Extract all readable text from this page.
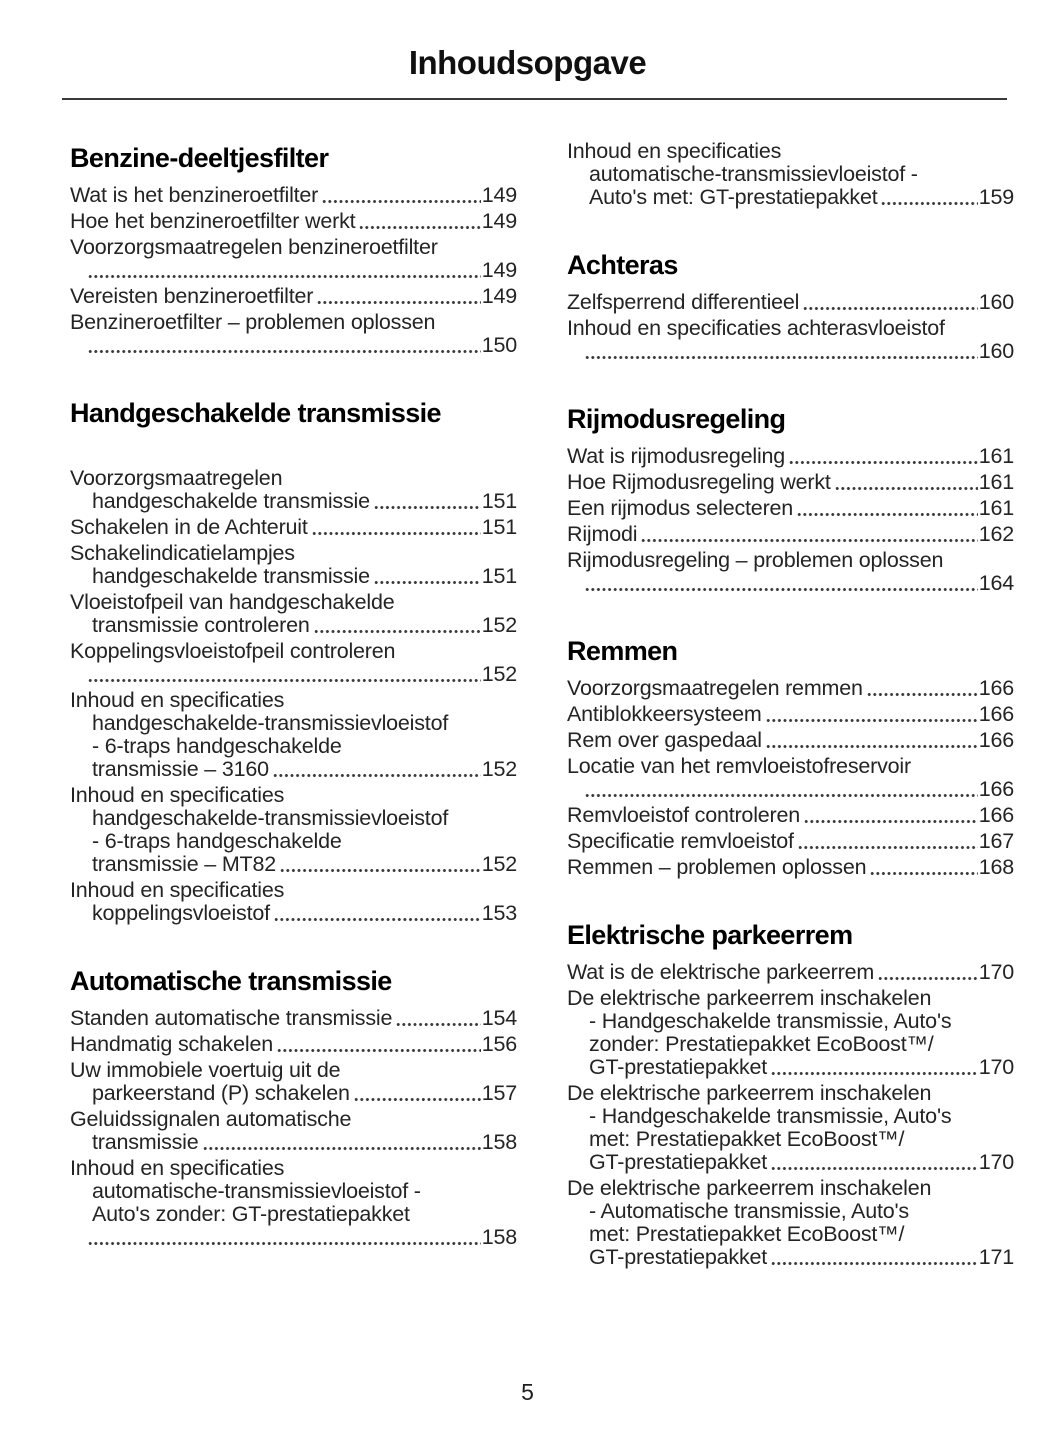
Inhoudsopgave
Benzine-deeltjesfilter
Wat is het benzineroetfilter	149
Hoe het benzineroetfilter werkt	149
Voorzorgsmaatregelen benzineroetfilter
149
Vereisten benzineroetfilter	149
Benzineroetfilter – problemen oplossen
150
Handgeschakelde transmissie
Voorzorgsmaatregelen
handgeschakelde transmissie	151
Schakelen in de Achteruit	151
Schakelindicatielampjes
handgeschakelde transmissie	151
Vloeistofpeil van handgeschakelde
transmissie controleren	152
Koppelingsvloeistofpeil controleren
152
Inhoud en specificaties
handgeschakelde-transmissievloeistof
- 6-traps handgeschakelde
transmissie – 3160	152
Inhoud en specificaties
handgeschakelde-transmissievloeistof
- 6-traps handgeschakelde
transmissie – MT82	152
Inhoud en specificaties
koppelingsvloeistof	153
Automatische transmissie
Standen automatische transmissie	154
Handmatig schakelen	156
Uw immobiele voertuig uit de
parkeerstand (P) schakelen	157
Geluidssignalen automatische
transmissie	158
Inhoud en specificaties
automatische-transmissievloeistof -
Auto's zonder: GT-prestatiepakket
158
Inhoud en specificaties
automatische-transmissievloeistof -
Auto's met: GT-prestatiepakket	159
Achteras
Zelfsperrend differentieel	160
Inhoud en specificaties achterasvloeistof
160
Rijmodusregeling
Wat is rijmodusregeling	161
Hoe Rijmodusregeling werkt	161
Een rijmodus selecteren	161
Rijmodi	162
Rijmodusregeling – problemen oplossen
164
Remmen
Voorzorgsmaatregelen remmen	166
Antiblokkeersysteem	166
Rem over gaspedaal	166
Locatie van het remvloeistofreservoir
166
Remvloeistof controleren	166
Specificatie remvloeistof	167
Remmen – problemen oplossen	168
Elektrische parkeerrem
Wat is de elektrische parkeerrem	170
De elektrische parkeerrem inschakelen
- Handgeschakelde transmissie, Auto's
zonder: Prestatiepakket EcoBoost™/
GT-prestatiepakket	170
De elektrische parkeerrem inschakelen
- Handgeschakelde transmissie, Auto's
met: Prestatiepakket EcoBoost™/
GT-prestatiepakket	170
De elektrische parkeerrem inschakelen
- Automatische transmissie, Auto's
met: Prestatiepakket EcoBoost™/
GT-prestatiepakket	171
5
